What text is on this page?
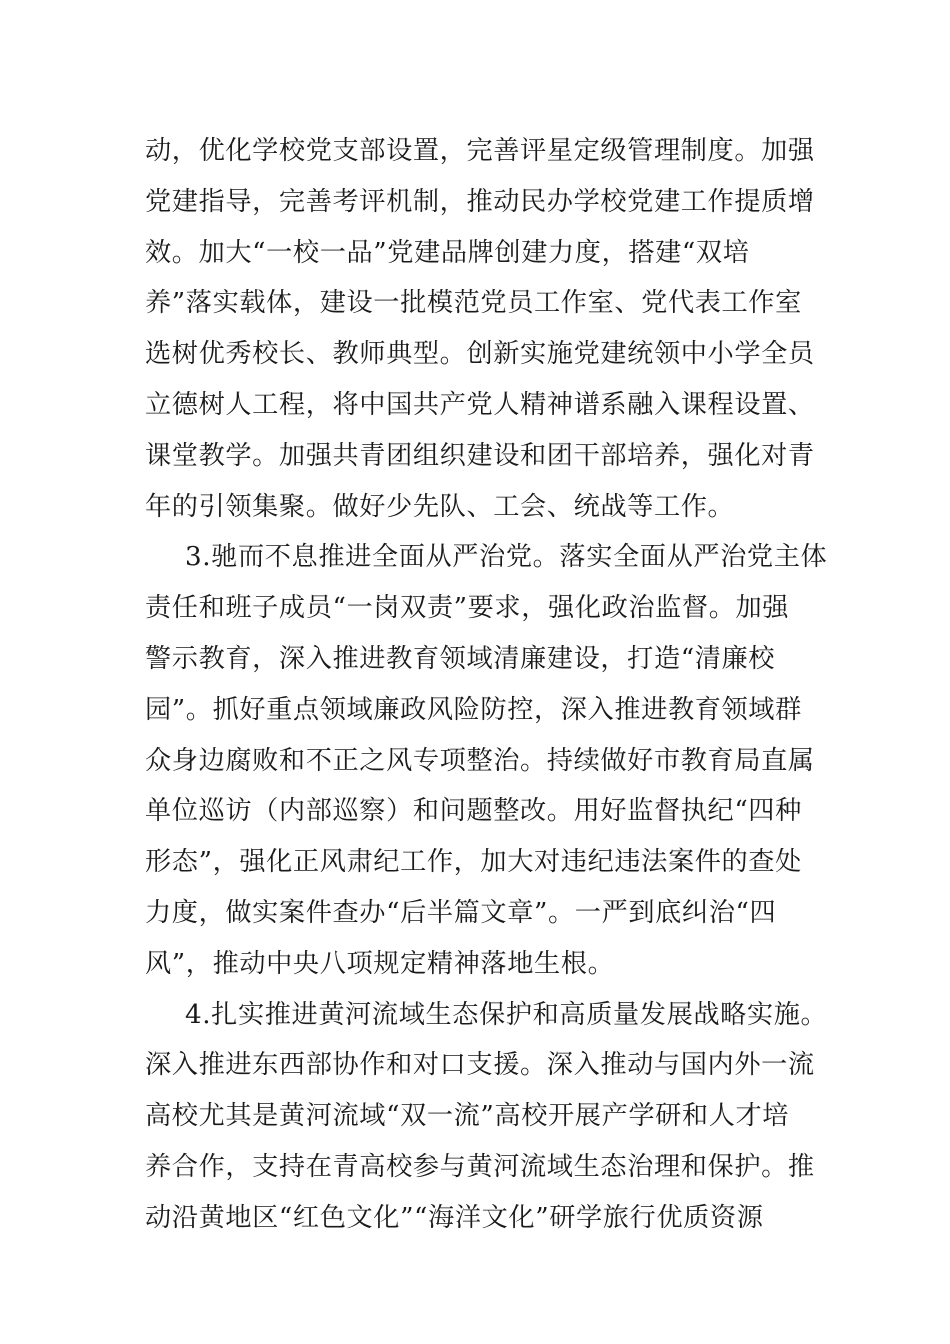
动，优化学校党支部设置，完善评星定级管理制度。加强
党建指导，完善考评机制，推动民办学校党建工作提质增
效。加大“一校一品”党建品牌创建力度，搭建“双培
养”落实载体，建设一批模范党员工作室、党代表工作室
选树优秀校长、教师典型。创新实施党建统领中小学全员
立德树人工程，将中国共产党人精神谱系融入课程设置、
课堂教学。加强共青团组织建设和团干部培养，强化对青
年的引领集聚。做好少先队、工会、统战等工作。
3.驰而不息推进全面从严治党。落实全面从严治党主体
责任和班子成员“一岗双责”要求，强化政治监督。加强
警示教育，深入推进教育领域清廉建设，打造“清廉校
园”。抓好重点领域廉政风险防控，深入推进教育领域群
众身边腐败和不正之风专项整治。持续做好市教育局直属
单位巡访（内部巡察）和问题整改。用好监督执纪“四种
形态”，强化正风肃纪工作，加大对违纪违法案件的查处
力度，做实案件查办“后半篇文章”。一严到底纠治“四
风”，推动中央八项规定精神落地生根。
4.扎实推进黄河流域生态保护和高质量发展战略实施。
深入推进东西部协作和对口支援。深入推动与国内外一流
高校尤其是黄河流域“双一流”高校开展产学研和人才培
养合作，支持在青高校参与黄河流域生态治理和保护。推
动沿黄地区“红色文化”“海洋文化”研学旅行优质资源
